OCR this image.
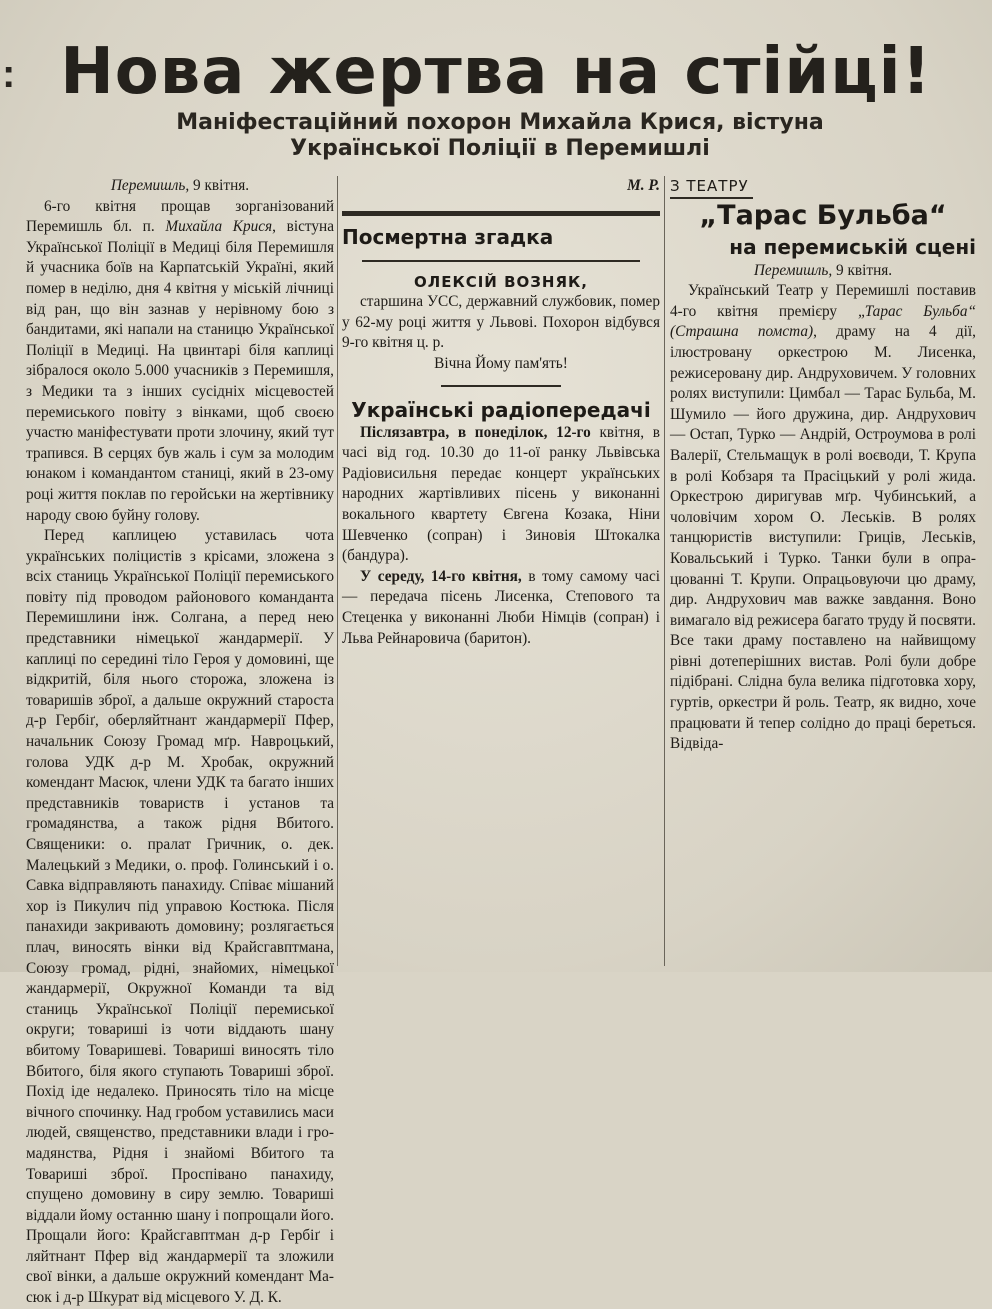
: Нова жертва на стійці!
Маніфестаційний похорон Михайла Крися, вістуна
Української Поліції в Перемишлі

Перемишль, 9 квітня.

6-го квітня прощав зорганізований Перемишль бл. п. Михайла Крися, вістуна Української Поліції в Медиці біля Перемишля й учасника боїв на Карпатській Україні, який помер в неділю, дня 4 квітня у міській лічниці від ран, що він зазнав у нерівному бою з бандитами, які напали на станицю Української Поліції в Медиці. На цвинтарі біля каплиці зібралося около 5.000 учасників з Перемишля, з Медики та з інших сусідніх місцевостей перемиського повіту з вінками, щоб своєю участю маніфестувати проти злочину, який тут трапився. В серцях був жаль і сум за молодим юнаком і командантом станиці, який в 23-ому році життя поклав по геройськи на жертівнику народу свою буйну голову.

Перед каплицею уставилась чота українських поліцистів з крісами, зложена з всіх станиць Української Поліції перемиського повіту під проводом районового команданта Перемишлини інж. Солгана, а перед нею представники німецької жандармерії. У каплиці по середині тіло Героя у домовині, ще відкритій, біля нього сторожа, зложена із товаришів зброї, а дальше окружний староста д-р Гербіґ, оберляйтнант жандармерії Пфер, начальник Союзу Громад мґр. Навроцький, голова УДК д-р М. Хробак, окружний комендант Масюк, члени УДК та багато інших представників товариств і установ та громадянства, а також рідня Вбитого. Священики: о. пралат Гричник, о. дек. Малецький з Медики, о. проф. Голинський і о. Савка відправляють панахиду. Співає мішаний хор із Пикулич під управою Костюка. Після панахиди закривають домовину; розлягається плач, виносять вінки від Крайсгавптмана, Союзу громад, рідні, знайомих, німецької жандармерії, Окружної Команди та від станиць Української Поліції перемиської округи; товариші із чоти віддають шану вбитому Товаришеві. Товариші виносять тіло Вбитого, біля якого ступають Товариші зброї. Похід іде недалеко. Приносять тіло на місце вічного спочинку. Над гробом уставились маси людей, священство, представники влади і громадянства, Рідня і знайомі Вбитого та Товариші зброї. Проспівано панахиду, спущено домовину в сиру землю. Товариші віддали йому останню шану і попрощали його. Прощали його: Крайсгавптман д-р Гербіґ і ляйтнант Пфер від жандармерії та зложили свої вінки, а дальше окружний комендант Масюк і д-р Шкурат від місцевого У. Д. К.

М. Р.

Посмертна згадка

ОЛЕКСІЙ ВОЗНЯК,

старшина УСС, державний службовик, помер у 62-му році життя у Львові. Похорон відбувся 9-го квітня ц. р.

Вічна Йому пам'ять!

Українські радіопередачі

Післязавтра, в понеділок, 12-го квітня, в часі від год. 10.30 до 11-ої ранку Львівська Радіовисильня передає концерт українських народних жартівливих пісень у виконанні вокального квартету Євгена Козака, Ніни Шевченко (сопран) і Зиновія Штокалка (бандура).

У середу, 14-го квітня, в тому самому часі — передача пісень Лисенка, Степового та Стеценка у виконанні Люби Німців (сопран) і Льва Рейнаровича (баритон).

З ТЕАТРУ

„Тарас Бульба“

на перемиській сцені

Перемишль, 9 квітня.

Український Театр у Перемишлі поставив 4-го квітня премієру „Тарас Бульба“ (Страшна помста), драму на 4 дії, ілюстровану оркестрою М. Лисенка, режисеровану дир. Андруховичем. У головних ролях виступили: Цимбал — Тарас Бульба, М. Шумило — його дружина, дир. Андрухович — Остап, Турко — Андрій, Остроумова в ролі Валерії, Стельмащук в ролі воєводи, Т. Крупа в ролі Кобзаря та Прасіцький у ролі жида. Оркестрою диригував мґр. Чубинський, а чоловічим хором О. Леськів. В ролях танцюристів виступили: Гриців, Леськів, Ковальський і Турко. Танки були в опрацюванні Т. Крупи. Опрацьовуючи цю драму, дир. Андрухович мав важке завдання. Воно вимагало від режисера багато труду й посвяти. Все таки драму поставлено на найвищому рівні дотеперішних вистав. Ролі були добре підібрані. Слідна була велика підготовка хору, гуртів, оркестри й роль. Театр, як видно, хоче працювати й тепер солідно до праці береться. Відвіда-
